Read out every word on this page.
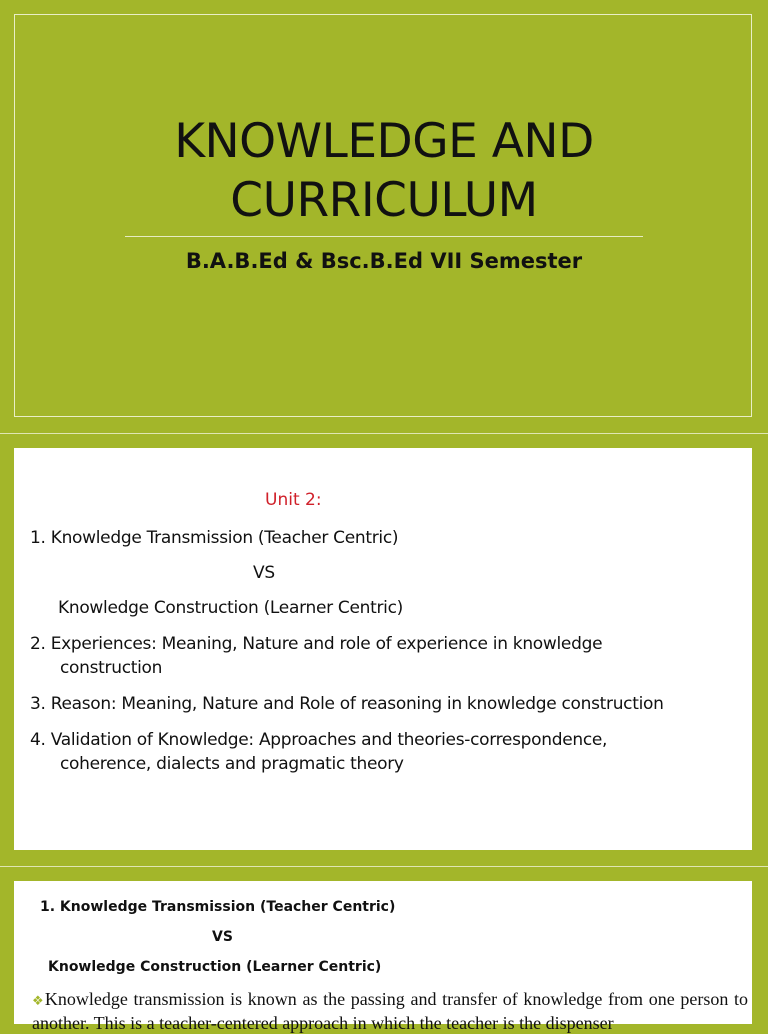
KNOWLEDGE AND
CURRICULUM
B.A.B.Ed & Bsc.B.Ed VII Semester
Unit 2:
1. Knowledge Transmission (Teacher Centric)
VS
Knowledge Construction (Learner Centric)
2. Experiences: Meaning, Nature and role of experience in knowledge
construction
3. Reason: Meaning, Nature and Role of reasoning in knowledge construction
4. Validation of Knowledge: Approaches and theories-correspondence,
coherence, dialects and pragmatic theory
1. Knowledge Transmission (Teacher Centric)
VS
Knowledge Construction (Learner Centric)
❖Knowledge transmission is known as the passing and transfer of knowledge from one person to another. This is a teacher-centered approach in which the teacher is the dispenser
